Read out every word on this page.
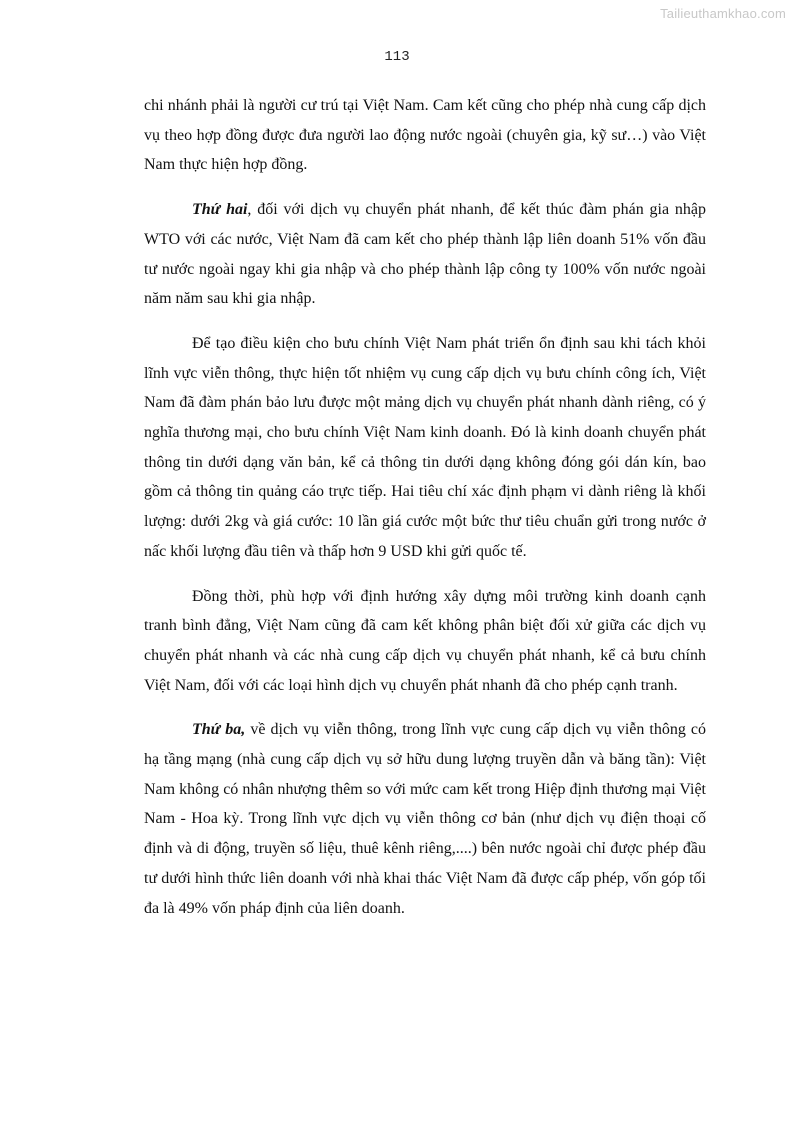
Tailieuthamkhao.com
113

chi nhánh phải là người cư trú tại Việt Nam. Cam kết cũng cho phép nhà cung cấp dịch vụ theo hợp đồng được đưa người lao động nước ngoài (chuyên gia, kỹ sư…) vào Việt Nam thực hiện hợp đồng.

Thứ hai, đối với dịch vụ chuyển phát nhanh, để kết thúc đàm phán gia nhập WTO với các nước, Việt Nam đã cam kết cho phép thành lập liên doanh 51% vốn đầu tư nước ngoài ngay khi gia nhập và cho phép thành lập công ty 100% vốn nước ngoài năm năm sau khi gia nhập.

Để tạo điều kiện cho bưu chính Việt Nam phát triển ổn định sau khi tách khỏi lĩnh vực viễn thông, thực hiện tốt nhiệm vụ cung cấp dịch vụ bưu chính công ích, Việt Nam đã đàm phán bảo lưu được một mảng dịch vụ chuyển phát nhanh dành riêng, có ý nghĩa thương mại, cho bưu chính Việt Nam kinh doanh. Đó là kinh doanh chuyển phát thông tin dưới dạng văn bản, kể cả thông tin dưới dạng không đóng gói dán kín, bao gồm cả thông tin quảng cáo trực tiếp. Hai tiêu chí xác định phạm vi dành riêng là khối lượng: dưới 2kg và giá cước: 10 lần giá cước một bức thư tiêu chuẩn gửi trong nước ở nấc khối lượng đầu tiên và thấp hơn 9 USD khi gửi quốc tế.

Đồng thời, phù hợp với định hướng xây dựng môi trường kinh doanh cạnh tranh bình đẳng, Việt Nam cũng đã cam kết không phân biệt đối xử giữa các dịch vụ chuyển phát nhanh và các nhà cung cấp dịch vụ chuyển phát nhanh, kể cả bưu chính Việt Nam, đối với các loại hình dịch vụ chuyển phát nhanh đã cho phép cạnh tranh.

Thứ ba, về dịch vụ viễn thông, trong lĩnh vực cung cấp dịch vụ viễn thông có hạ tầng mạng (nhà cung cấp dịch vụ sở hữu dung lượng truyền dẫn và băng tần): Việt Nam không có nhân nhượng thêm so với mức cam kết trong Hiệp định thương mại Việt Nam - Hoa kỳ. Trong lĩnh vực dịch vụ viễn thông cơ bản (như dịch vụ điện thoại cố định và di động, truyền số liệu, thuê kênh riêng,....) bên nước ngoài chỉ được phép đầu tư dưới hình thức liên doanh với nhà khai thác Việt Nam đã được cấp phép, vốn góp tối đa là 49% vốn pháp định của liên doanh.
